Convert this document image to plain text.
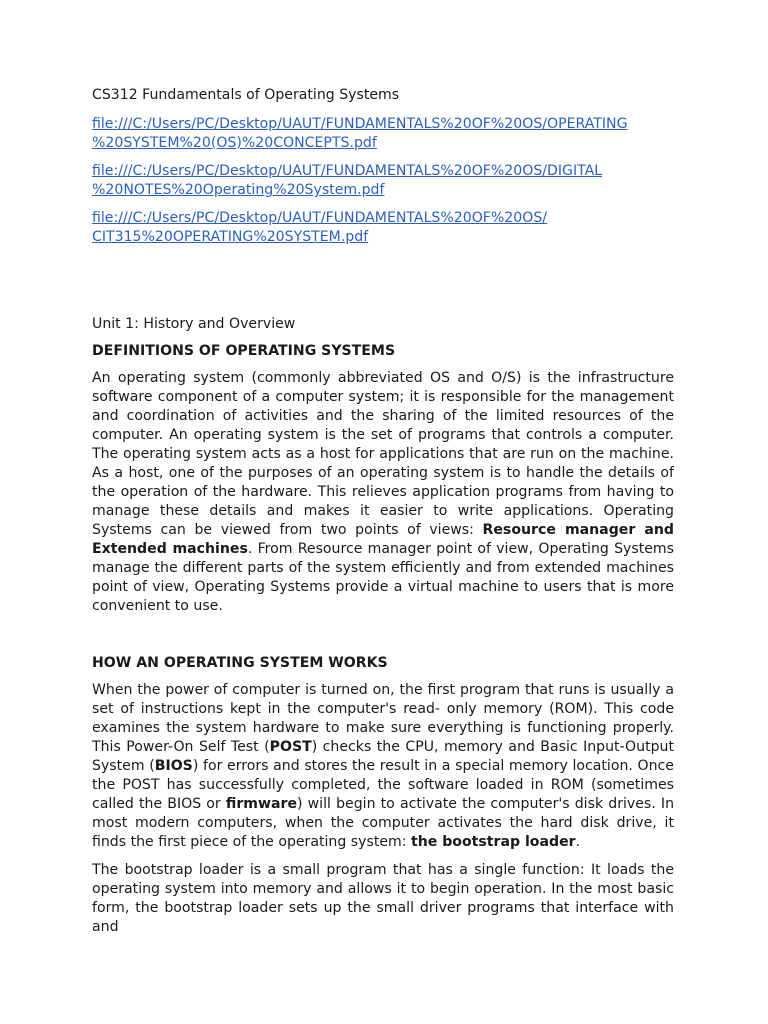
CS312 Fundamentals of Operating Systems
file:///C:/Users/PC/Desktop/UAUT/FUNDAMENTALS%20OF%20OS/OPERATING
%20SYSTEM%20(OS)%20CONCEPTS.pdf
file:///C:/Users/PC/Desktop/UAUT/FUNDAMENTALS%20OF%20OS/DIGITAL
%20NOTES%20Operating%20System.pdf
file:///C:/Users/PC/Desktop/UAUT/FUNDAMENTALS%20OF%20OS/
CIT315%20OPERATING%20SYSTEM.pdf
Unit 1: History and Overview
DEFINITIONS OF OPERATING SYSTEMS

An operating system (commonly abbreviated OS and O/S) is the infrastructure software component of a computer system; it is responsible for the management and coordination of activities and the sharing of the limited resources of the computer. An operating system is the set of programs that controls a computer. The operating system acts as a host for applications that are run on the machine. As a host, one of the purposes of an operating system is to handle the details of the operation of the hardware. This relieves application programs from having to manage these details and makes it easier to write applications. Operating Systems can be viewed from two points of views: Resource manager and Extended machines. From Resource manager point of view, Operating Systems manage the different parts of the system efficiently and from extended machines point of view, Operating Systems provide a virtual machine to users that is more convenient to use.

HOW AN OPERATING SYSTEM WORKS

When the power of computer is turned on, the first program that runs is usually a set of instructions kept in the computer's read- only memory (ROM). This code examines the system hardware to make sure everything is functioning properly. This Power-On Self Test (POST) checks the CPU, memory and Basic Input-Output System (BIOS) for errors and stores the result in a special memory location. Once the POST has successfully completed, the software loaded in ROM (sometimes called the BIOS or firmware) will begin to activate the computer's disk drives. In most modern computers, when the computer activates the hard disk drive, it finds the first piece of the operating system: the bootstrap loader.

The bootstrap loader is a small program that has a single function: It loads the operating system into memory and allows it to begin operation. In the most basic form, the bootstrap loader sets up the small driver programs that interface with and
